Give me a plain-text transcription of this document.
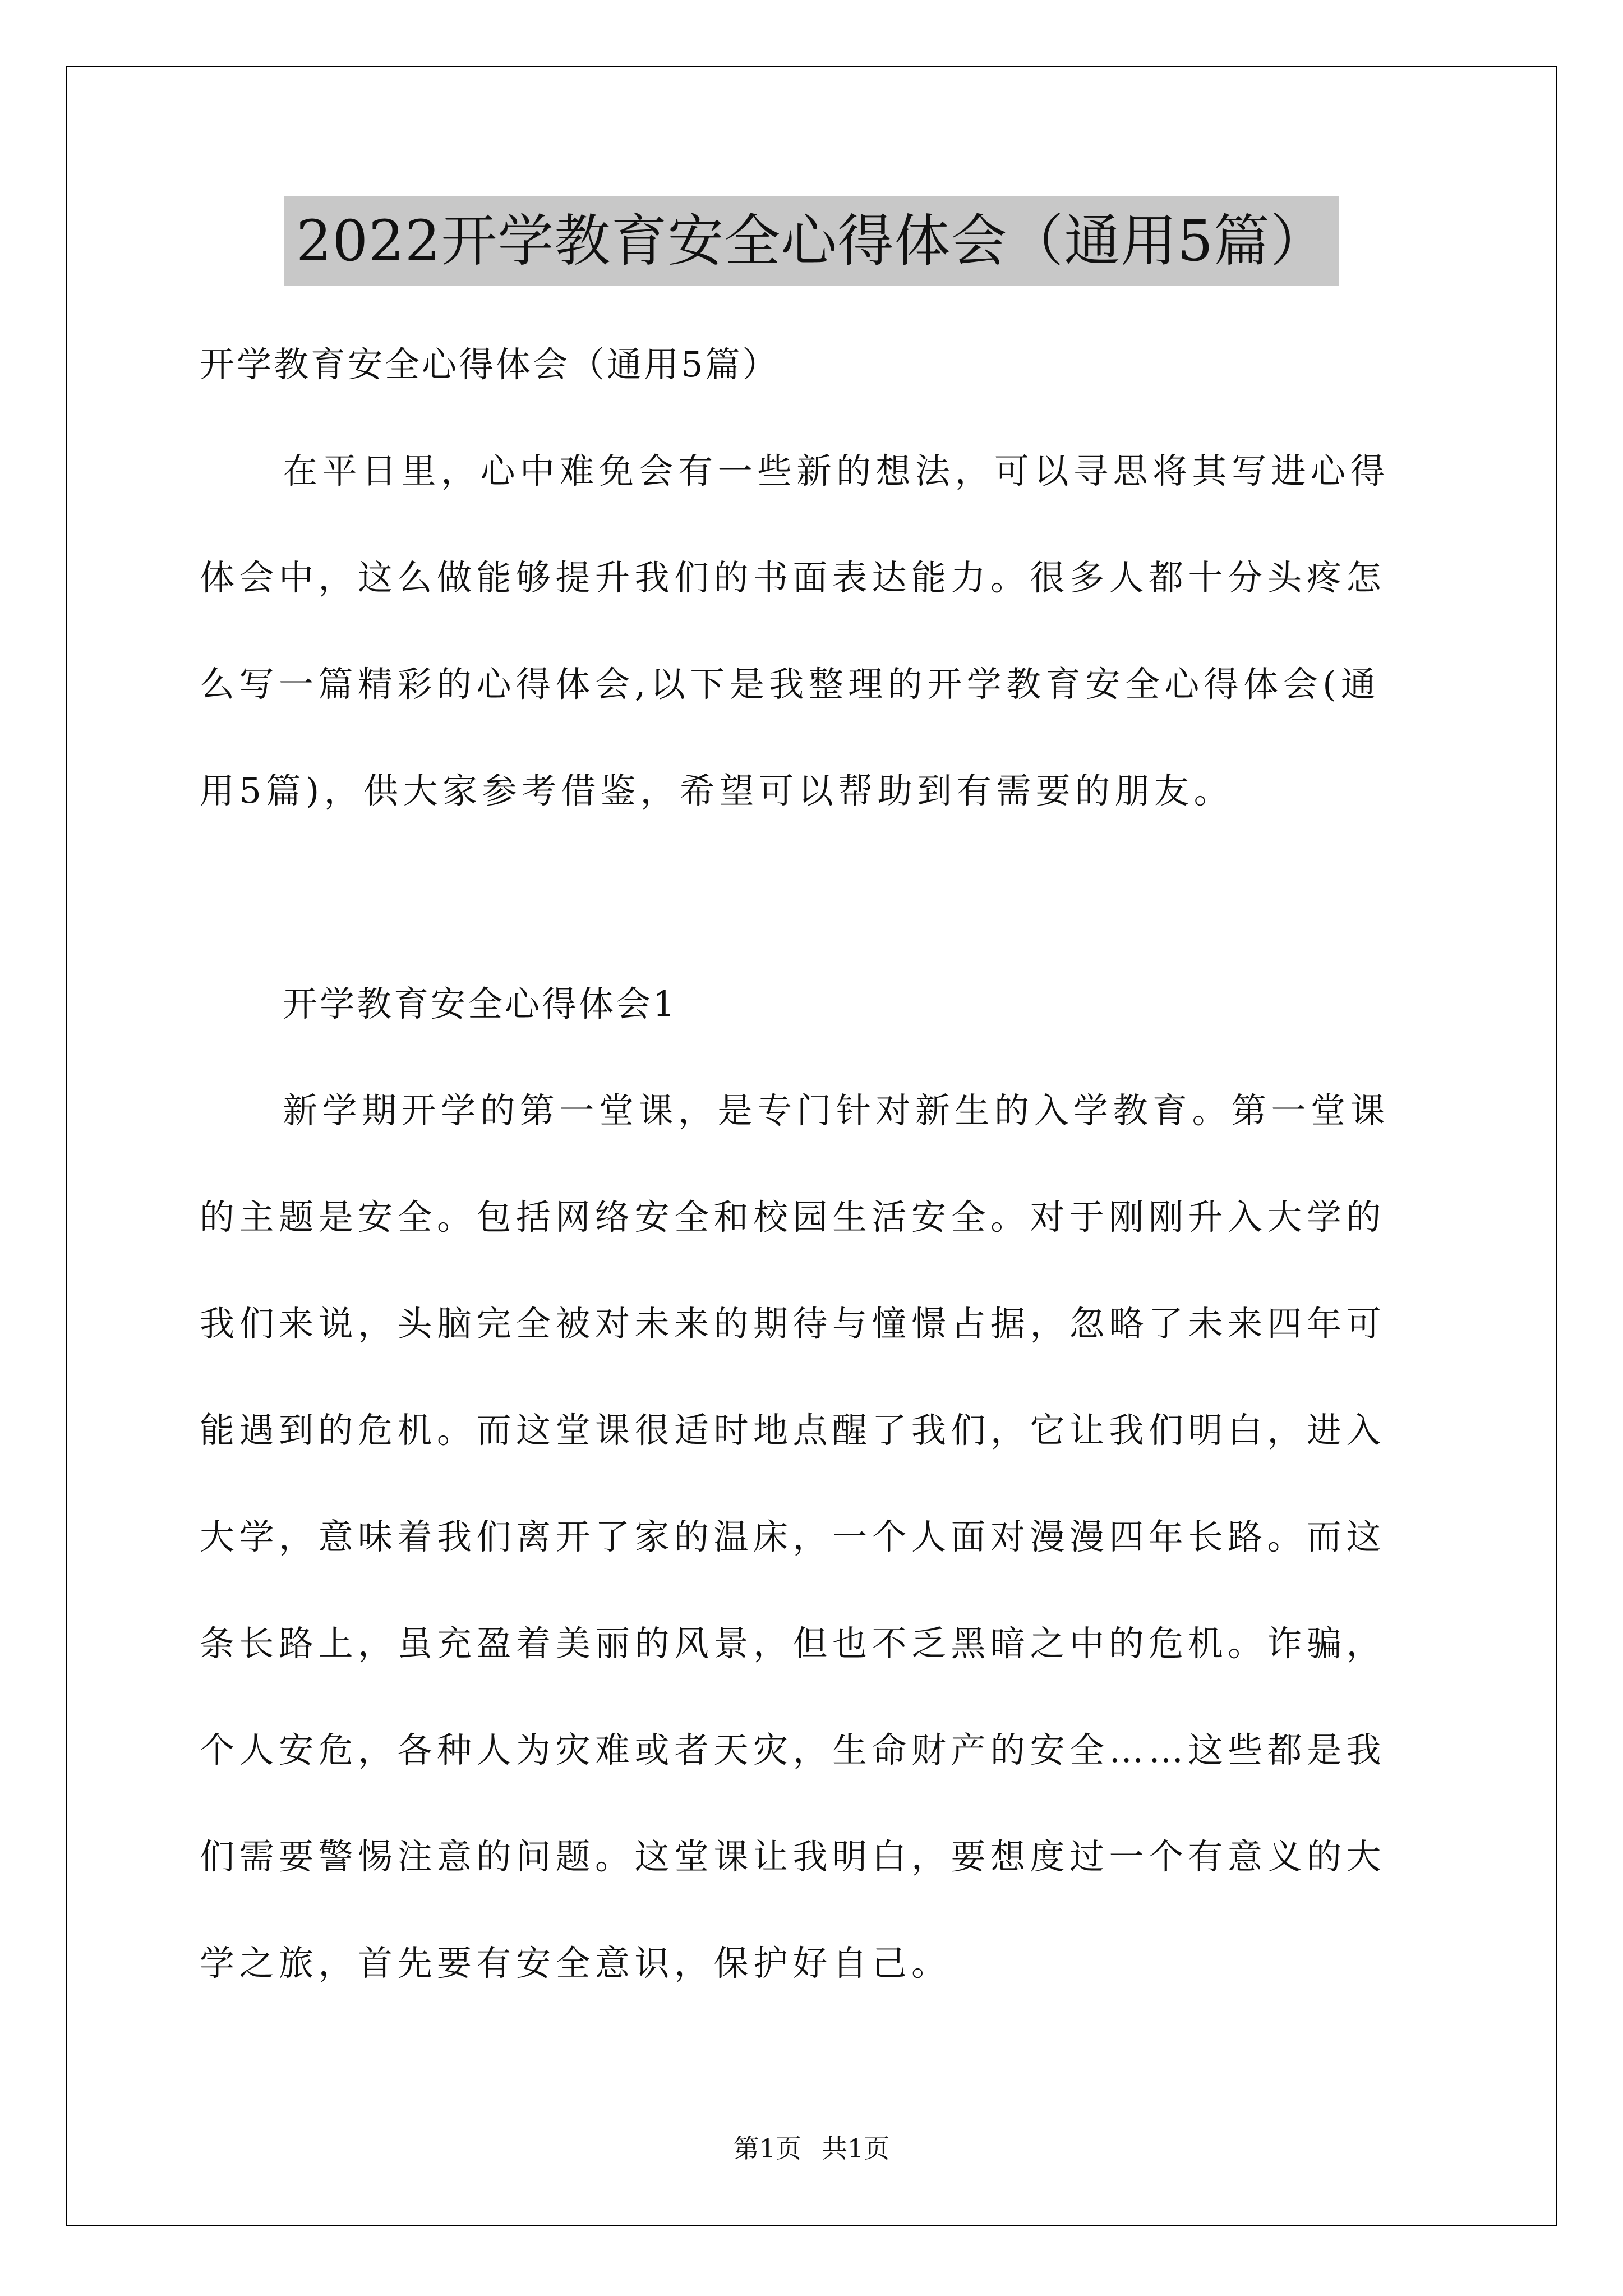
2022开学教育安全心得体会（通用5篇）
开学教育安全心得体会（通用5篇）
在平日里，心中难免会有一些新的想法，可以寻思将其写进心得
体会中，这么做能够提升我们的书面表达能力。很多人都十分头疼怎
么写一篇精彩的心得体会,以下是我整理的开学教育安全心得体会(通
用5篇)，供大家参考借鉴，希望可以帮助到有需要的朋友。
开学教育安全心得体会1
新学期开学的第一堂课，是专门针对新生的入学教育。第一堂课
的主题是安全。包括网络安全和校园生活安全。对于刚刚升入大学的
我们来说，头脑完全被对未来的期待与憧憬占据，忽略了未来四年可
能遇到的危机。而这堂课很适时地点醒了我们，它让我们明白，进入
大学，意味着我们离开了家的温床，一个人面对漫漫四年长路。而这
条长路上，虽充盈着美丽的风景，但也不乏黑暗之中的危机。诈骗，
个人安危，各种人为灾难或者天灾，生命财产的安全……这些都是我
们需要警惕注意的问题。这堂课让我明白，要想度过一个有意义的大
学之旅，首先要有安全意识，保护好自己。
第1页 共1页
